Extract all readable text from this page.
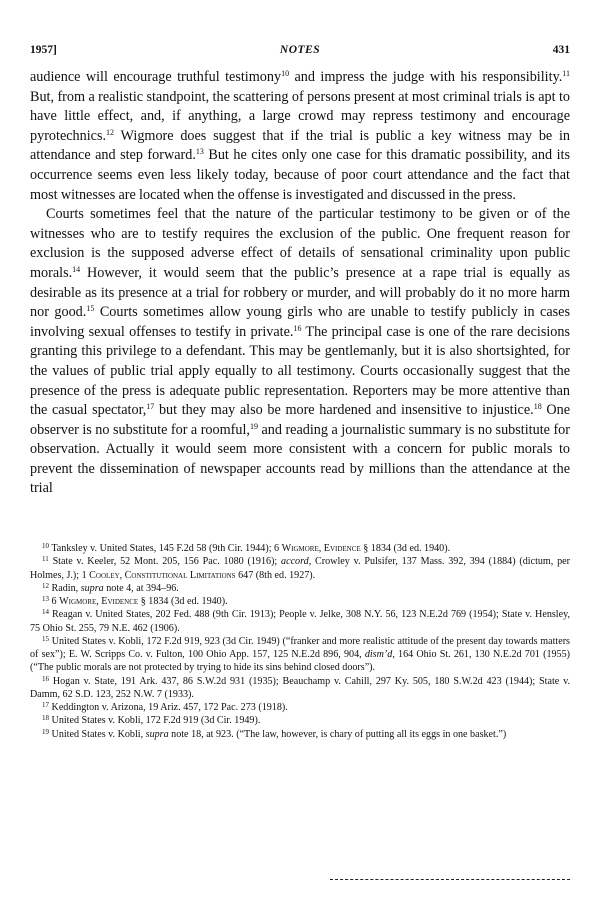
1957]	NOTES	431

audience will encourage truthful testimony$^{10}$ and impress the judge with his responsibility.$^{11}$ But, from a realistic standpoint, the scattering of persons present at most criminal trials is apt to have little effect, and, if anything, a large crowd may repress testimony and encourage pyrotechnics.$^{12}$ Wigmore does suggest that if the trial is public a key witness may be in attendance and step forward.$^{13}$ But he cites only one case for this dramatic possibility, and its occurrence seems even less likely today, because of poor court attendance and the fact that most witnesses are located when the offense is investigated and discussed in the press.

Courts sometimes feel that the nature of the particular testimony to be given or of the witnesses who are to testify requires the exclusion of the public. One frequent reason for exclusion is the supposed adverse effect of details of sensational criminality upon public morals.$^{14}$ However, it would seem that the public’s presence at a rape trial is equally as desirable as its presence at a trial for robbery or murder, and will probably do it no more harm nor good.$^{15}$ Courts sometimes allow young girls who are unable to testify publicly in cases involving sexual offenses to testify in private.$^{16}$ The principal case is one of the rare decisions granting this privilege to a defendant. This may be gentlemanly, but it is also shortsighted, for the values of public trial apply equally to all testimony. Courts occasionally suggest that the presence of the press is adequate public representation. Reporters may be more attentive than the casual spectator,$^{17}$ but they may also be more hardened and insensitive to injustice.$^{18}$ One observer is no substitute for a roomful,$^{19}$ and reading a journalistic summary is no substitute for observation. Actually it would seem more consistent with a concern for public morals to prevent the dissemination of newspaper accounts read by millions than the attendance at the trial

$^{10}$ Tanksley v. United States, 145 F.2d 58 (9th Cir. 1944); 6 Wigmore, Evidence § 1834 (3d ed. 1940).

$^{11}$ State v. Keeler, 52 Mont. 205, 156 Pac. 1080 (1916); accord, Crowley v. Pulsifer, 137 Mass. 392, 394 (1884) (dictum, per Holmes, J.); 1 Cooley, Constitutional Limitations 647 (8th ed. 1927).

$^{12}$ Radin, supra note 4, at 394–96.

$^{13}$ 6 Wigmore, Evidence § 1834 (3d ed. 1940).

$^{14}$ Reagan v. United States, 202 Fed. 488 (9th Cir. 1913); People v. Jelke, 308 N.Y. 56, 123 N.E.2d 769 (1954); State v. Hensley, 75 Ohio St. 255, 79 N.E. 462 (1906).

$^{15}$ United States v. Kobli, 172 F.2d 919, 923 (3d Cir. 1949) (“franker and more realistic attitude of the present day towards matters of sex”); E. W. Scripps Co. v. Fulton, 100 Ohio App. 157, 125 N.E.2d 896, 904, dism’d, 164 Ohio St. 261, 130 N.E.2d 701 (1955) (“The public morals are not protected by trying to hide its sins behind closed doors”).

$^{16}$ Hogan v. State, 191 Ark. 437, 86 S.W.2d 931 (1935); Beauchamp v. Cahill, 297 Ky. 505, 180 S.W.2d 423 (1944); State v. Damm, 62 S.D. 123, 252 N.W. 7 (1933).

$^{17}$ Keddington v. Arizona, 19 Ariz. 457, 172 Pac. 273 (1918).

$^{18}$ United States v. Kobli, 172 F.2d 919 (3d Cir. 1949).

$^{19}$ United States v. Kobli, supra note 18, at 923. (“The law, however, is chary of putting all its eggs in one basket.”)
